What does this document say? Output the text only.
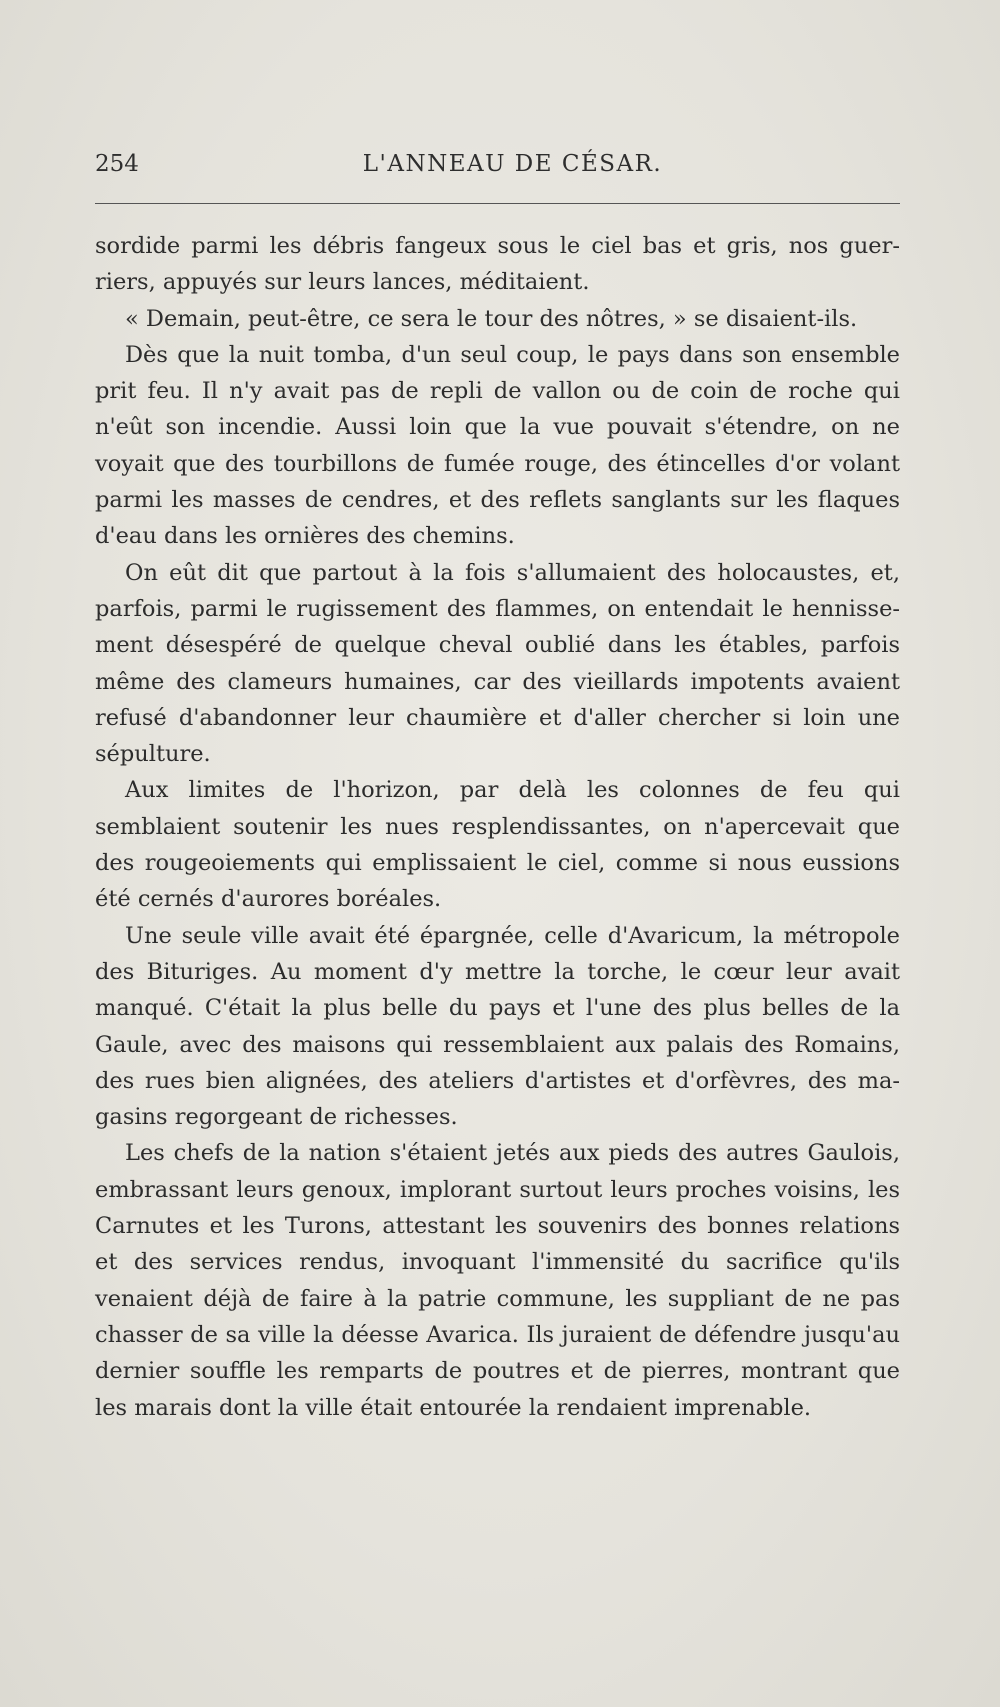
254	L'ANNEAU DE CÉSAR.

sordide parmi les débris fangeux sous le ciel bas et gris, nos guerriers, appuyés sur leurs lances, méditaient.

« Demain, peut-être, ce sera le tour des nôtres, » se disaient-ils.

Dès que la nuit tomba, d'un seul coup, le pays dans son ensemble prit feu. Il n'y avait pas de repli de vallon ou de coin de roche qui n'eût son incendie. Aussi loin que la vue pouvait s'étendre, on ne voyait que des tourbillons de fumée rouge, des étincelles d'or volant parmi les masses de cendres, et des reflets sanglants sur les flaques d'eau dans les ornières des chemins.

On eût dit que partout à la fois s'allumaient des holocaustes, et, parfois, parmi le rugissement des flammes, on entendait le hennissement désespéré de quelque cheval oublié dans les étables, parfois même des clameurs humaines, car des vieillards impotents avaient refusé d'abandonner leur chaumière et d'aller chercher si loin une sépulture.

Aux limites de l'horizon, par delà les colonnes de feu qui semblaient soutenir les nues resplendissantes, on n'apercevait que des rougeoiements qui emplissaient le ciel, comme si nous eussions été cernés d'aurores boréales.

Une seule ville avait été épargnée, celle d'Avaricum, la métropole des Bituriges. Au moment d'y mettre la torche, le cœur leur avait manqué. C'était la plus belle du pays et l'une des plus belles de la Gaule, avec des maisons qui ressemblaient aux palais des Romains, des rues bien alignées, des ateliers d'artistes et d'orfèvres, des magasins regorgeant de richesses.

Les chefs de la nation s'étaient jetés aux pieds des autres Gaulois, embrassant leurs genoux, implorant surtout leurs proches voisins, les Carnutes et les Turons, attestant les souvenirs des bonnes relations et des services rendus, invoquant l'immensité du sacrifice qu'ils venaient déjà de faire à la patrie commune, les suppliant de ne pas chasser de sa ville la déesse Avarica. Ils juraient de défendre jusqu'au dernier souffle les remparts de poutres et de pierres, montrant que les marais dont la ville était entourée la rendaient imprenable.
